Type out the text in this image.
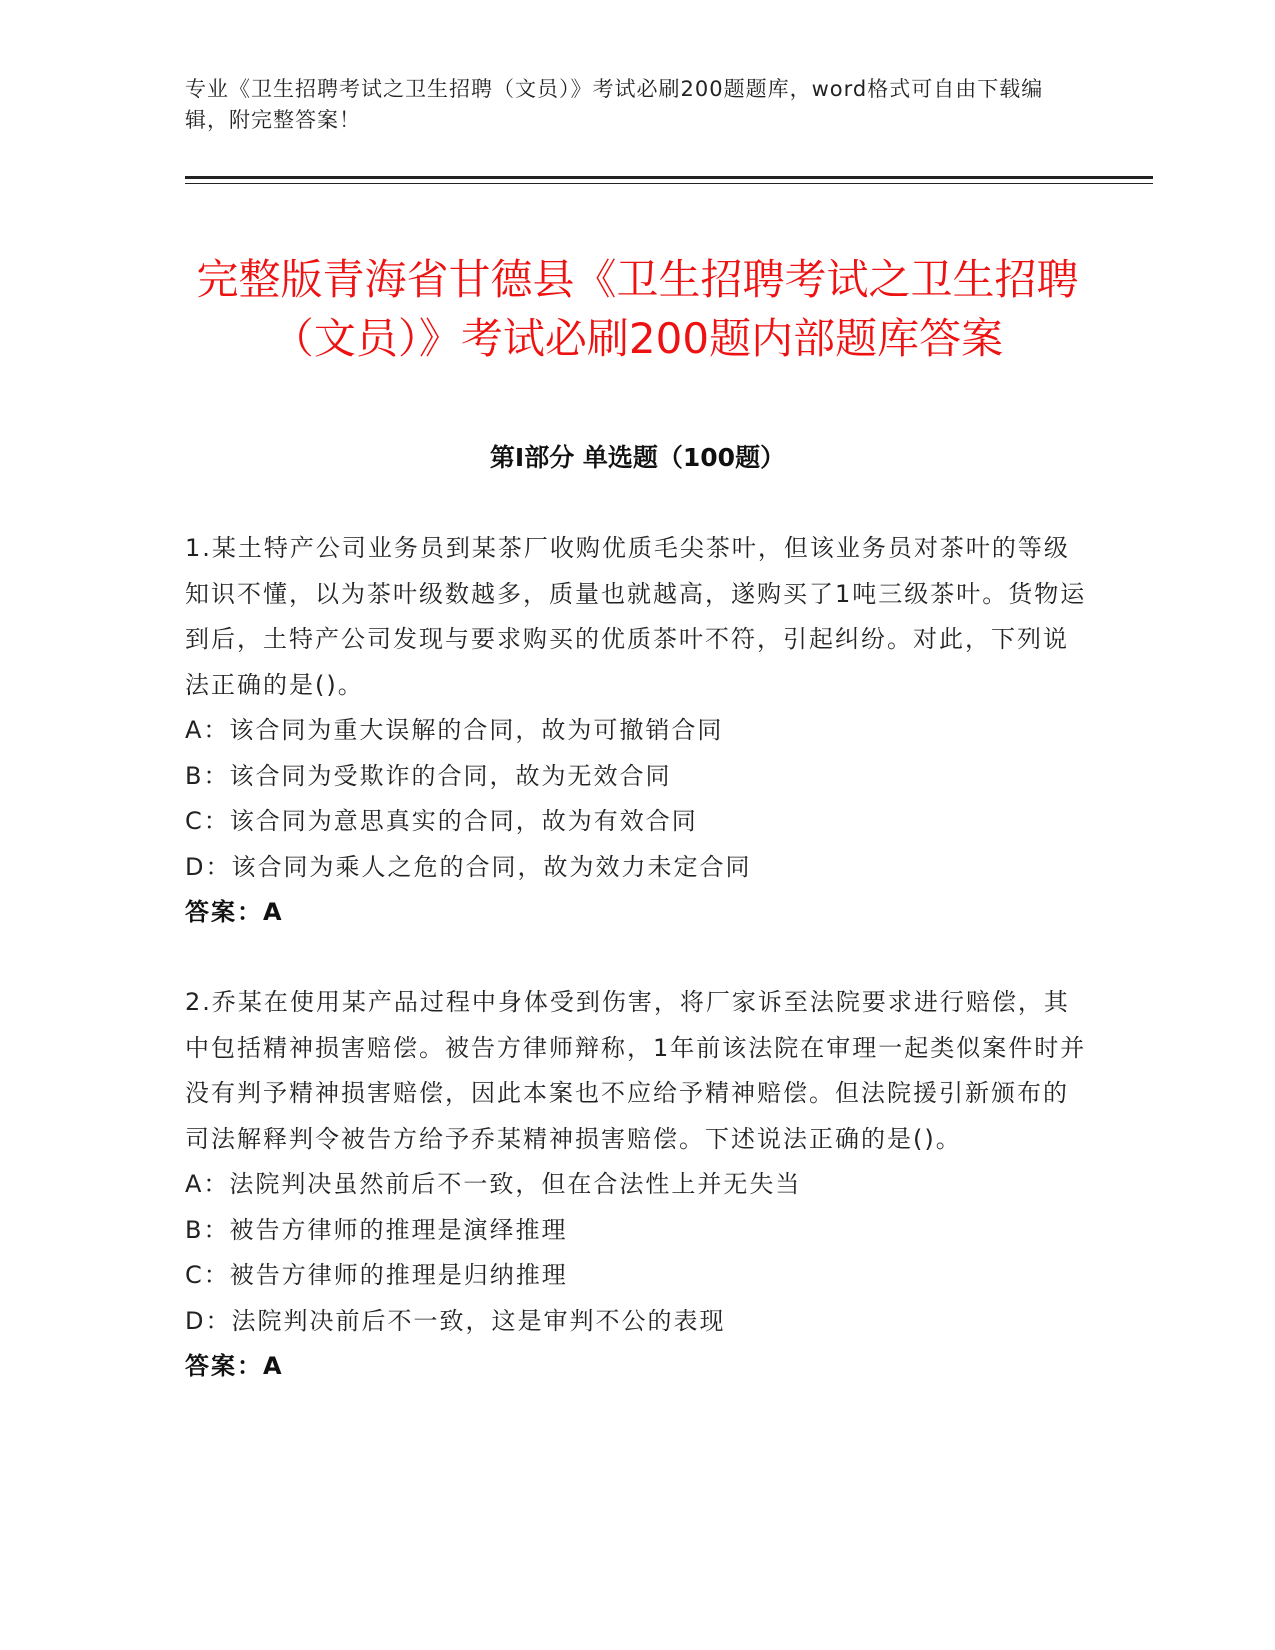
专业《卫生招聘考试之卫生招聘（文员）》考试必刷200题题库，word格式可自由下载编辑，附完整答案！
完整版青海省甘德县《卫生招聘考试之卫生招聘（文员）》考试必刷200题内部题库答案
第I部分 单选题（100题）
1.某土特产公司业务员到某茶厂收购优质毛尖茶叶，但该业务员对茶叶的等级知识不懂，以为茶叶级数越多，质量也就越高，遂购买了1吨三级茶叶。货物运到后，土特产公司发现与要求购买的优质茶叶不符，引起纠纷。对此，下列说法正确的是()。
A：该合同为重大误解的合同，故为可撤销合同
B：该合同为受欺诈的合同，故为无效合同
C：该合同为意思真实的合同，故为有效合同
D：该合同为乘人之危的合同，故为效力未定合同
答案：A
2.乔某在使用某产品过程中身体受到伤害，将厂家诉至法院要求进行赔偿，其中包括精神损害赔偿。被告方律师辩称，1年前该法院在审理一起类似案件时并没有判予精神损害赔偿，因此本案也不应给予精神赔偿。但法院援引新颁布的司法解释判令被告方给予乔某精神损害赔偿。下述说法正确的是()。
A：法院判决虽然前后不一致，但在合法性上并无失当
B：被告方律师的推理是演绎推理
C：被告方律师的推理是归纳推理
D：法院判决前后不一致，这是审判不公的表现
答案：A
